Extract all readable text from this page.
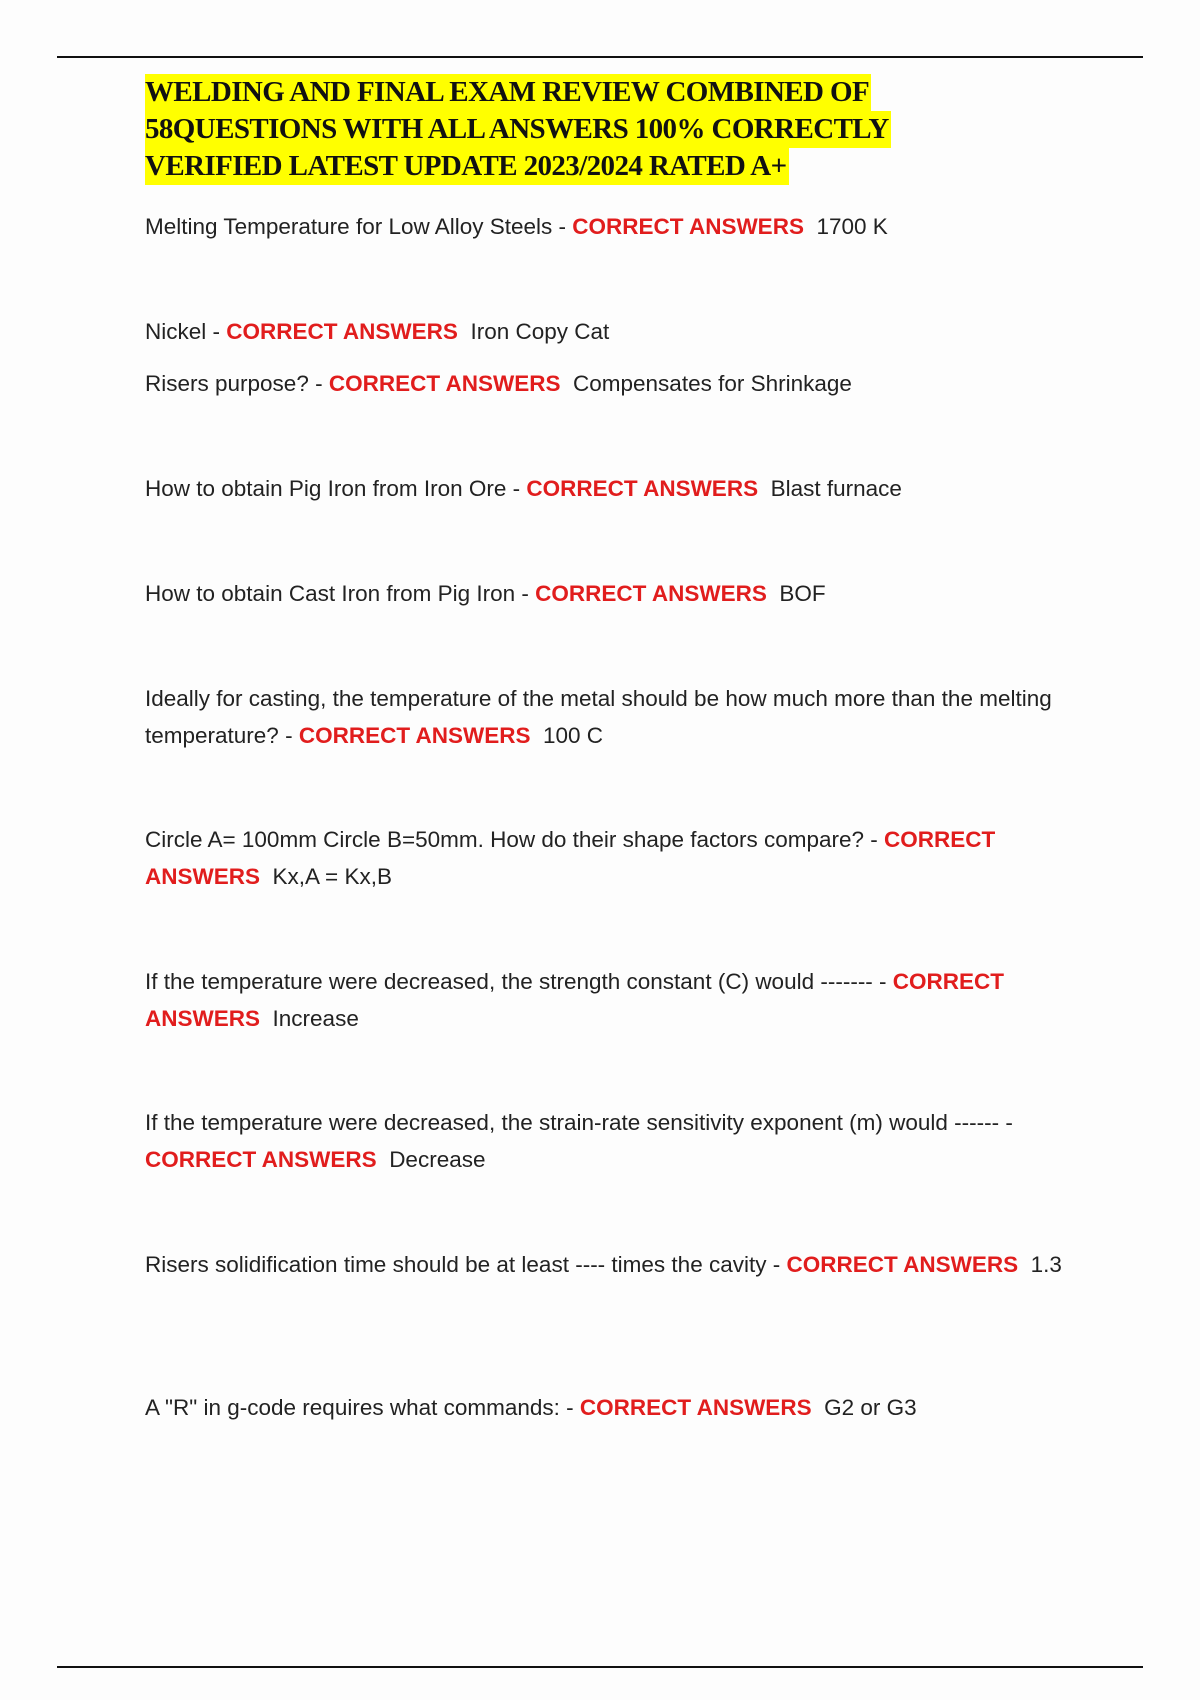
WELDING AND FINAL EXAM REVIEW COMBINED OF
58QUESTIONS WITH ALL ANSWERS 100% CORRECTLY
VERIFIED LATEST UPDATE 2023/2024 RATED A+
Melting Temperature for Low Alloy Steels - CORRECT ANSWERS 1700 K
Nickel - CORRECT ANSWERS Iron Copy Cat
Risers purpose? - CORRECT ANSWERS Compensates for Shrinkage
How to obtain Pig Iron from Iron Ore - CORRECT ANSWERS Blast furnace
How to obtain Cast Iron from Pig Iron - CORRECT ANSWERS BOF
Ideally for casting, the temperature of the metal should be how much more than the melting temperature? - CORRECT ANSWERS 100 C
Circle A= 100mm Circle B=50mm. How do their shape factors compare? - CORRECT ANSWERS Kx,A = Kx,B
If the temperature were decreased, the strength constant (C) would ------- - CORRECT ANSWERS Increase
If the temperature were decreased, the strain-rate sensitivity exponent (m) would ------ - CORRECT ANSWERS Decrease
Risers solidification time should be at least ---- times the cavity - CORRECT ANSWERS 1.3
A "R" in g-code requires what commands: - CORRECT ANSWERS G2 or G3
